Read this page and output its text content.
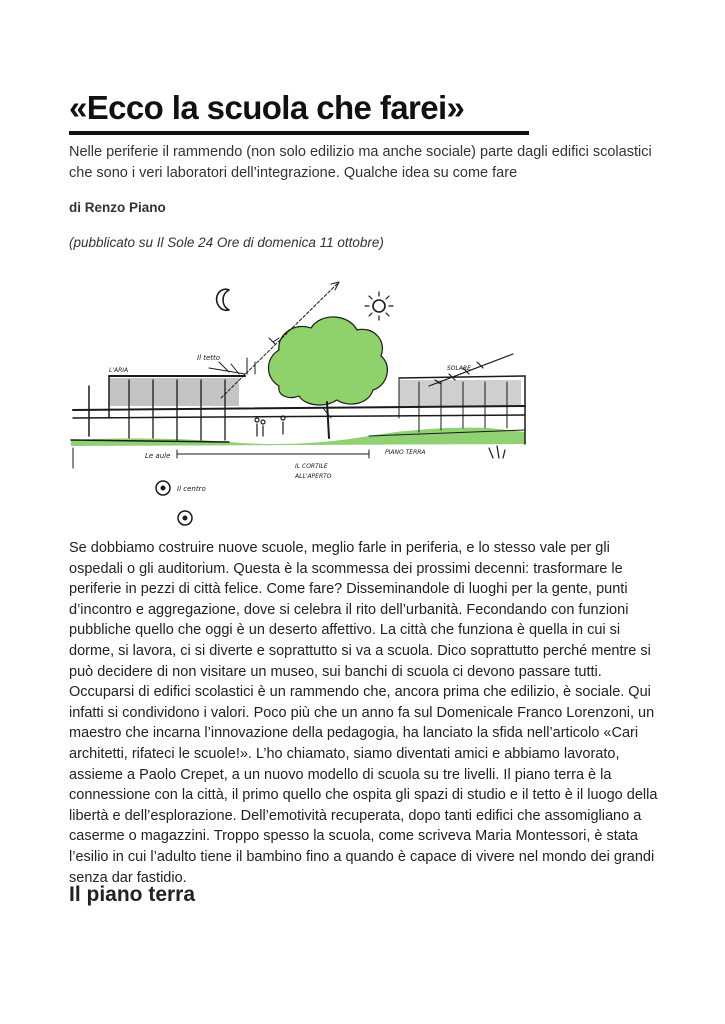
«Ecco la scuola che farei»

Nelle periferie il rammendo (non solo edilizio ma anche sociale) parte dagli edifici scolastici che sono i veri laboratori dell’integrazione. Qualche idea su come fare

di Renzo Piano

(pubblicato su Il Sole 24 Ore di domenica 11 ottobre)

Il tetto
SOLARE
L'ARIA
PIANO TERRA
IL CORTILE
ALL'APERTO
Le aule
Il centro

Se dobbiamo costruire nuove scuole, meglio farle in periferia, e lo stesso vale per gli ospedali o gli auditorium. Questa è la scommessa dei prossimi decenni: trasformare le periferie in pezzi di città felice. Come fare? Disseminandole di luoghi per la gente, punti d’incontro e aggregazione, dove si celebra il rito dell’urbanità. Fecondando con funzioni pubbliche quello che oggi è un deserto affettivo. La città che funziona è quella in cui si dorme, si lavora, ci si diverte e soprattutto si va a scuola. Dico soprattutto perché mentre si può decidere di non visitare un museo, sui banchi di scuola ci devono passare tutti. Occuparsi di edifici scolastici è un rammendo che, ancora prima che edilizio, è sociale. Qui infatti si condividono i valori. Poco più che un anno fa sul Domenicale Franco Lorenzoni, un maestro che incarna l’innovazione della pedagogia, ha lanciato la sfida nell’articolo «Cari architetti, rifateci le scuole!». L’ho chiamato, siamo diventati amici e abbiamo lavorato, assieme a Paolo Crepet, a un nuovo modello di scuola su tre livelli. Il piano terra è la connessione con la città, il primo quello che ospita gli spazi di studio e il tetto è il luogo della libertà e dell’esplorazione. Dell’emotività recuperata, dopo tanti edifici che assomigliano a caserme o magazzini. Troppo spesso la scuola, come scriveva Maria Montessori, è stata l’esilio in cui l’adulto tiene il bambino fino a quando è capace di vivere nel mondo dei grandi senza dar fastidio.

Il piano terra
